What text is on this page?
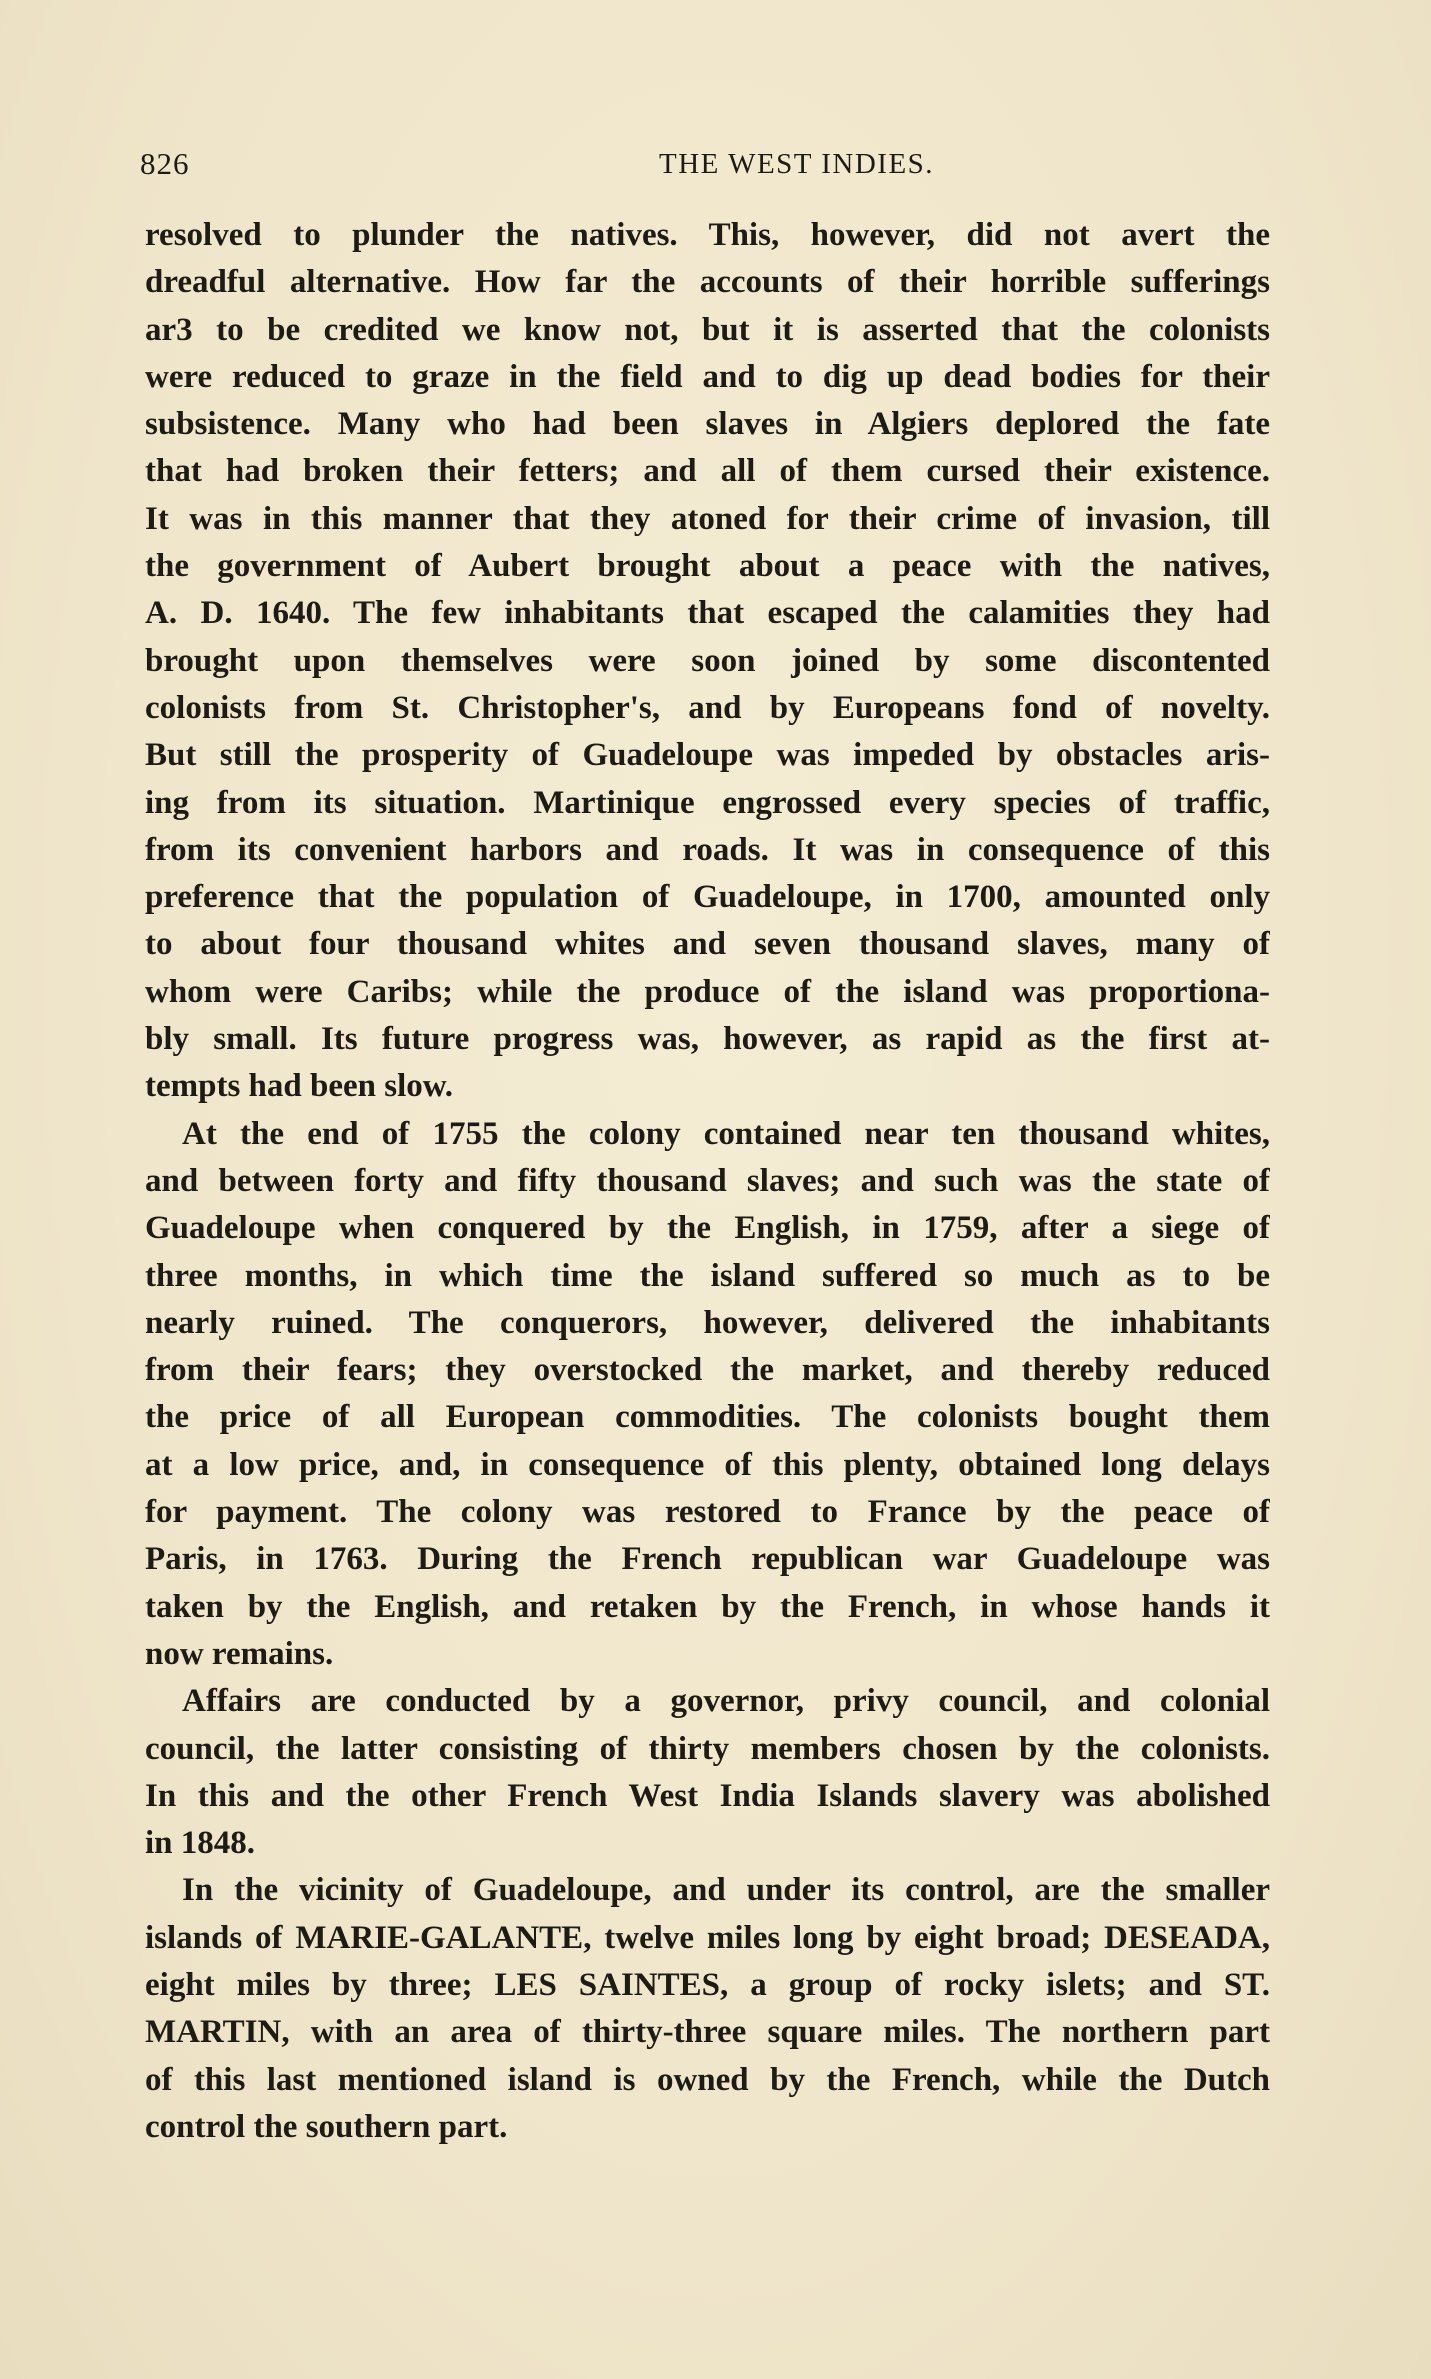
826	THE WEST INDIES.
resolved to plunder the natives. This, however, did not avert the
dreadful alternative. How far the accounts of their horrible sufferings
ar3 to be credited we know not, but it is asserted that the colonists
were reduced to graze in the field and to dig up dead bodies for their
subsistence. Many who had been slaves in Algiers deplored the fate
that had broken their fetters; and all of them cursed their existence.
It was in this manner that they atoned for their crime of invasion, till
the government of Aubert brought about a peace with the natives,
A. D. 1640. The few inhabitants that escaped the calamities they had
brought upon themselves were soon joined by some discontented
colonists from St. Christopher's, and by Europeans fond of novelty.
But still the prosperity of Guadeloupe was impeded by obstacles aris-
ing from its situation. Martinique engrossed every species of traffic,
from its convenient harbors and roads. It was in consequence of this
preference that the population of Guadeloupe, in 1700, amounted only
to about four thousand whites and seven thousand slaves, many of
whom were Caribs; while the produce of the island was proportiona-
bly small. Its future progress was, however, as rapid as the first at-
tempts had been slow.
At the end of 1755 the colony contained near ten thousand whites,
and between forty and fifty thousand slaves; and such was the state of
Guadeloupe when conquered by the English, in 1759, after a siege of
three months, in which time the island suffered so much as to be
nearly ruined. The conquerors, however, delivered the inhabitants
from their fears; they overstocked the market, and thereby reduced
the price of all European commodities. The colonists bought them
at a low price, and, in consequence of this plenty, obtained long delays
for payment. The colony was restored to France by the peace of
Paris, in 1763. During the French republican war Guadeloupe was
taken by the English, and retaken by the French, in whose hands it
now remains.
Affairs are conducted by a governor, privy council, and colonial
council, the latter consisting of thirty members chosen by the colonists.
In this and the other French West India Islands slavery was abolished
in 1848.
In the vicinity of Guadeloupe, and under its control, are the smaller
islands of MARIE-GALANTE, twelve miles long by eight broad; DESEADA,
eight miles by three; LES SAINTES, a group of rocky islets; and ST.
MARTIN, with an area of thirty-three square miles. The northern part
of this last mentioned island is owned by the French, while the Dutch
control the southern part.
